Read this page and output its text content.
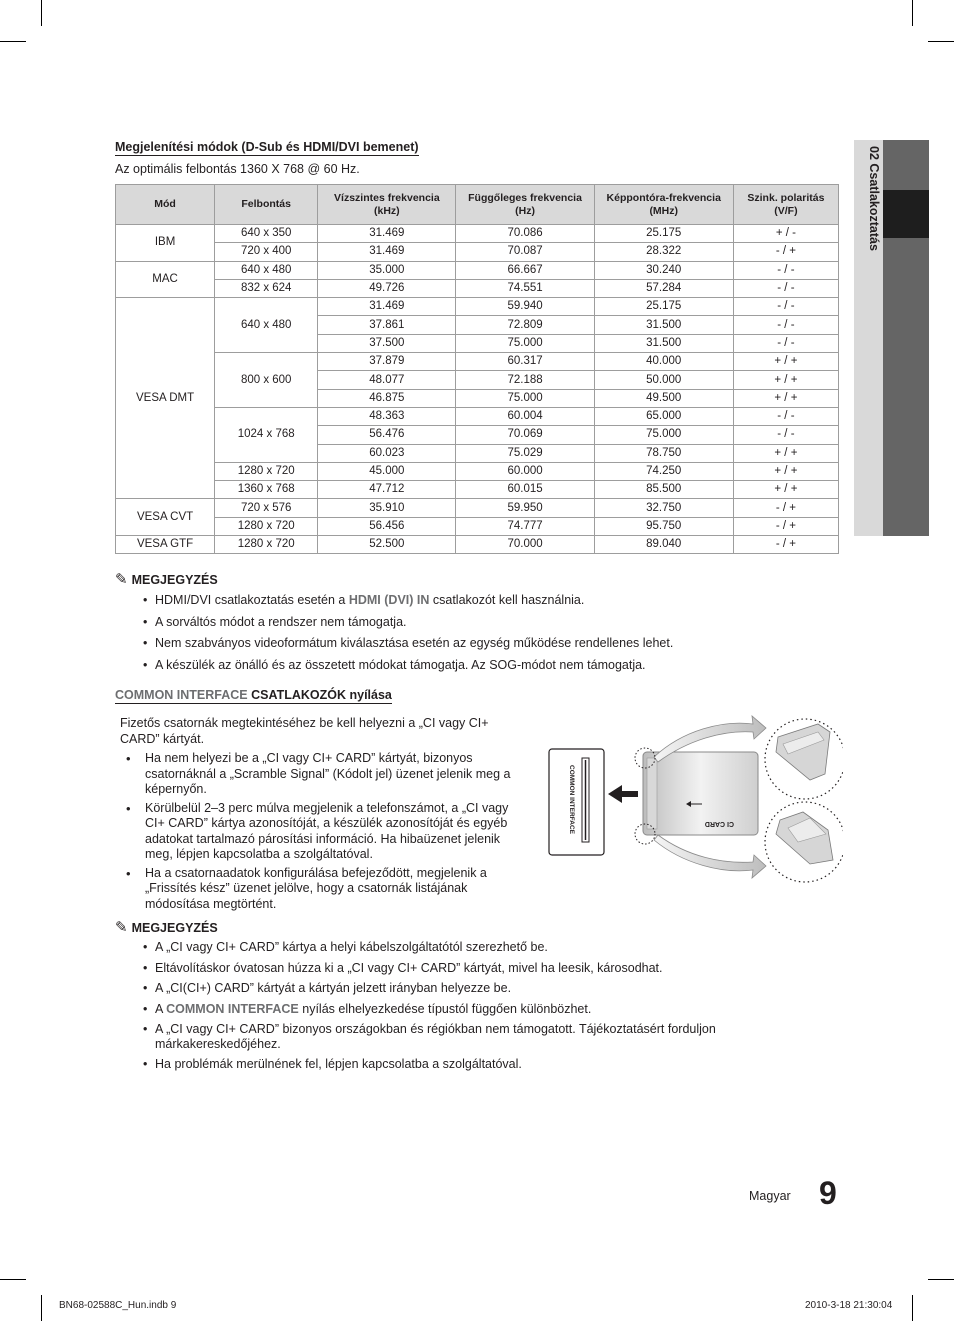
02 Csatlakoztatás
Megjelenítési módok (D-Sub és HDMI/DVI bemenet)
Az optimális felbontás 1360 X 768 @ 60 Hz.
Mód	Felbontás	Vízszintes frekvencia (kHz)	Függőleges frekvencia (Hz)	Képpontóra-frekvencia (MHz)	Szink. polaritás (V/F)
IBM	640 x 350	31.469	70.086	25.175	+ / -
	720 x 400	31.469	70.087	28.322	- / +
MAC	640 x 480	35.000	66.667	30.240	- / -
	832 x 624	49.726	74.551	57.284	- / -
VESA DMT	640 x 480	31.469	59.940	25.175	- / -
		37.861	72.809	31.500	- / -
		37.500	75.000	31.500	- / -
	800 x 600	37.879	60.317	40.000	+ / +
		48.077	72.188	50.000	+ / +
		46.875	75.000	49.500	+ / +
	1024 x 768	48.363	60.004	65.000	- / -
		56.476	70.069	75.000	- / -
		60.023	75.029	78.750	+ / +
	1280 x 720	45.000	60.000	74.250	+ / +
	1360 x 768	47.712	60.015	85.500	+ / +
VESA CVT	720 x 576	35.910	59.950	32.750	- / +
	1280 x 720	56.456	74.777	95.750	- / +
VESA GTF	1280 x 720	52.500	70.000	89.040	- / +
✎ MEGJEGYZÉS
• HDMI/DVI csatlakoztatás esetén a HDMI (DVI) IN csatlakozót kell használnia.
• A sorváltós módot a rendszer nem támogatja.
• Nem szabványos videoformátum kiválasztása esetén az egység működése rendellenes lehet.
• A készülék az önálló és az összetett módokat támogatja. Az SOG-módot nem támogatja.
COMMON INTERFACE CSATLAKOZÓK nyílása
Fizetős csatornák megtekintéséhez be kell helyezni a „CI vagy CI+ CARD” kártyát.
• Ha nem helyezi be a „CI vagy CI+ CARD” kártyát, bizonyos csatornáknál a „Scramble Signal” (Kódolt jel) üzenet jelenik meg a képernyőn.
• Körülbelül 2–3 perc múlva megjelenik a telefonszámot, a „CI vagy CI+ CARD” kártya azonosítóját, a készülék azonosítóját és egyéb adatokat tartalmazó párosítási információ. Ha hibaüzenet jelenik meg, lépjen kapcsolatba a szolgáltatóval.
• Ha a csatornaadatok konfigurálása befejeződött, megjelenik a „Frissítés kész” üzenet jelölve, hogy a csatornák listájának módosítása megtörtént.
COMMON INTERFACE	CI CARD
✎ MEGJEGYZÉS
• A „CI vagy CI+ CARD” kártya a helyi kábelszolgáltatótól szerezhető be.
• Eltávolításkor óvatosan húzza ki a „CI vagy CI+ CARD” kártyát, mivel ha leesik, károsodhat.
• A „CI(CI+) CARD” kártyát a kártyán jelzett irányban helyezze be.
• A COMMON INTERFACE nyílás elhelyezkedése típustól függően különbözhet.
• A „CI vagy CI+ CARD” bizonyos országokban és régiókban nem támogatott. Tájékoztatásért forduljon márkakereskedőjéhez.
• Ha problémák merülnének fel, lépjen kapcsolatba a szolgáltatóval.
Magyar 9
BN68-02588C_Hun.indb 9	2010-3-18 21:30:04
